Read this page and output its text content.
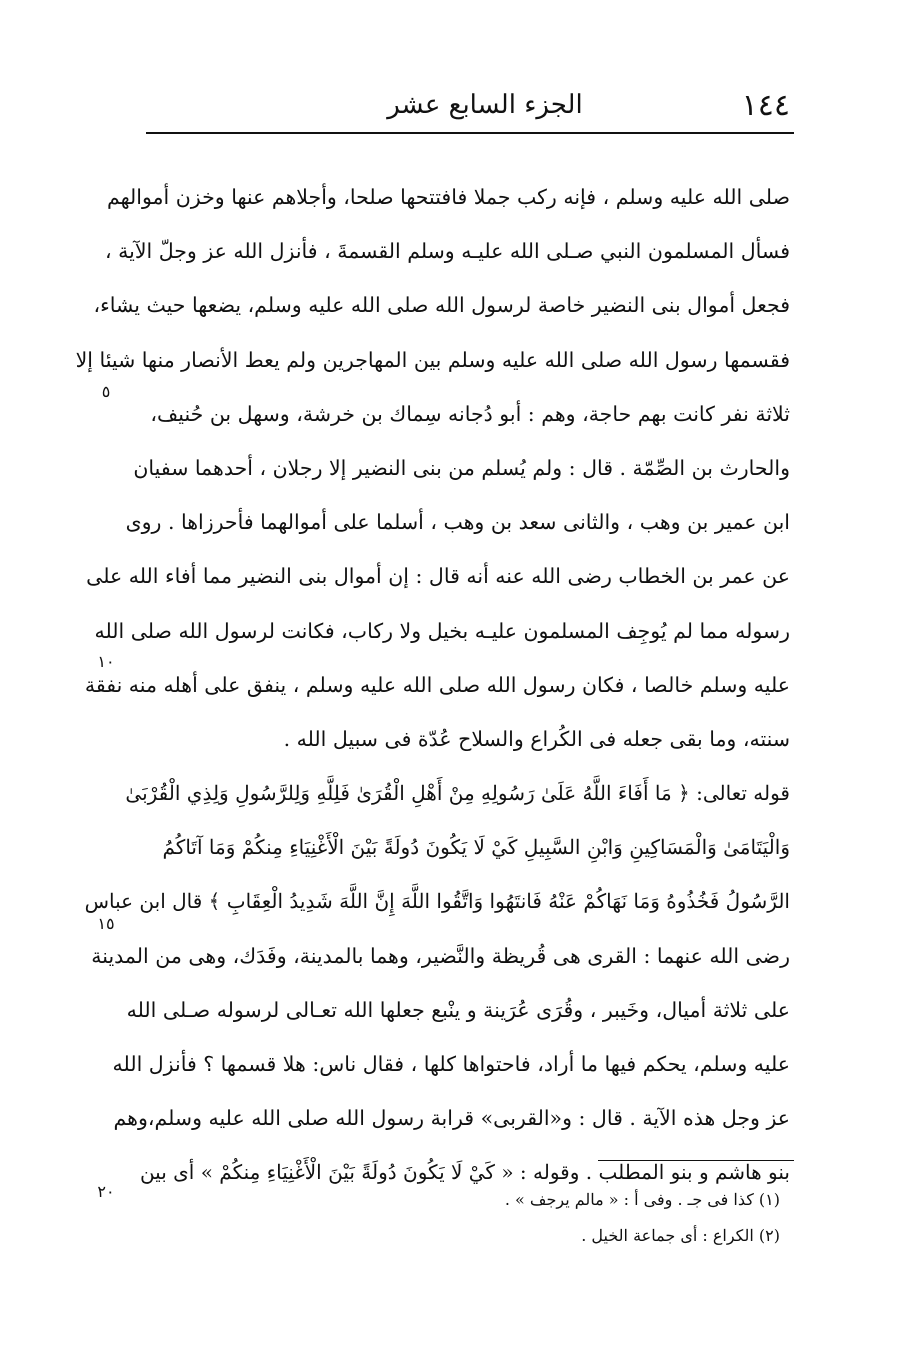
١٤٤
الجزء السابع عشر
صلى الله عليه وسلم ، فإنه ركب جملا فافتتحها صلحا، وأجلاهم عنها وخزن أموالهم
فسأل المسلمون النبي صـلى الله عليـه وسلم القسمةَ ، فأنزل الله عز وجلّ الآية ،
فجعل أموال بنى النضير خاصة لرسول الله صلى الله عليه وسلم، يضعها حيث يشاء،
فقسمها رسول الله صلى الله عليه وسلم بين المهاجرين ولم يعط الأنصار منها شيئا إلا
ثلاثة نفر كانت بهم حاجة، وهم : أبو دُجانه سِماك بن خرشة، وسهل بن حُنيف،
والحارث بن الصِّمّة . قال : ولم يُسلم من بنى النضير إلا رجلان ، أحدهما سفيان
ابن عمير بن وهب ، والثانى سعد بن وهب ، أسلما على أموالهما فأحرزاها . روى
عن عمر بن الخطاب رضى الله عنه أنه قال : إن أموال بنى النضير مما أفاء الله على
رسوله مما لم يُوجِف المسلمون عليـه بخيل ولا ركاب، فكانت لرسول الله صلى الله
عليه وسلم خالصا ، فكان رسول الله صلى الله عليه وسلم ، ينفق على أهله منه نفقة
سنته، وما بقى جعله فى الكُراع والسلاح عُدّة فى سبيل الله .
قوله تعالى: ﴿ مَا أَفَاءَ اللَّهُ عَلَىٰ رَسُولِهِ مِنْ أَهْلِ الْقُرَىٰ فَلِلَّهِ وَلِلرَّسُولِ وَلِذِي الْقُرْبَىٰ
وَالْيَتَامَىٰ وَالْمَسَاكِينِ وَابْنِ السَّبِيلِ كَيْ لَا يَكُونَ دُولَةً بَيْنَ الْأَغْنِيَاءِ مِنكُمْ وَمَا آتَاكُمُ
الرَّسُولُ فَخُذُوهُ وَمَا نَهَاكُمْ عَنْهُ فَانتَهُوا وَاتَّقُوا اللَّهَ إِنَّ اللَّهَ شَدِيدُ الْعِقَابِ ﴾ قال ابن عباس
رضى الله عنهما : القرى هى قُريظة والنَّضير، وهما بالمدينة، وفَدَك، وهى من المدينة
على ثلاثة أميال، وخَيبر ، وقُرَى عُرَينة و ينْبع جعلها الله تعـالى لرسوله صـلى الله
عليه وسلم، يحكم فيها ما أراد، فاحتواها كلها ، فقال ناس: هلا قسمها ؟ فأنزل الله
عز وجل هذه الآية . قال : و«القربى» قرابة رسول الله صلى الله عليه وسلم،وهم
بنو هاشم و بنو المطلب . وقوله : « كَيْ لَا يَكُونَ دُولَةً بَيْنَ الْأَغْنِيَاءِ مِنكُمْ » أى بين
(١) كذا فى جـ . وفى أ : « مالم يرجف » .
(٢) الكراع : أى جماعة الخيل .
٥
١٠
١٥
٢٠
